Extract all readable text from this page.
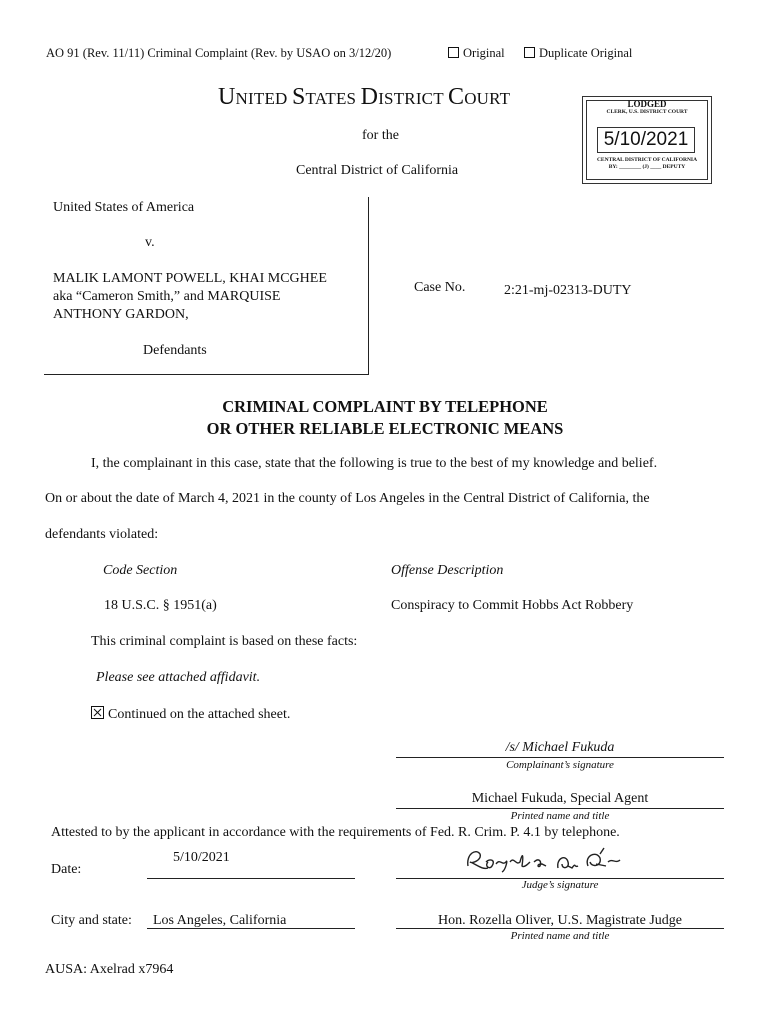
AO 91 (Rev. 11/11) Criminal Complaint (Rev. by USAO on 3/12/20)	Original	Duplicate Original
UNITED STATES DISTRICT COURT
for the
Central District of California
LODGED
CLERK, U.S. DISTRICT COURT
5/10/2021
CENTRAL DISTRICT OF CALIFORNIA
BY: ________ (J) ____ DEPUTY
United States of America
v.
MALIK LAMONT POWELL, KHAI MCGHEE
aka “Cameron Smith,” and MARQUISE
ANTHONY GARDON,
Defendants
Case No.	2:21-mj-02313-DUTY
CRIMINAL COMPLAINT BY TELEPHONE
OR OTHER RELIABLE ELECTRONIC MEANS
I, the complainant in this case, state that the following is true to the best of my knowledge and belief.
On or about the date of March 4, 2021 in the county of Los Angeles in the Central District of California, the
defendants violated:
Code Section	Offense Description
18 U.S.C. § 1951(a)	Conspiracy to Commit Hobbs Act Robbery
This criminal complaint is based on these facts:
Please see attached affidavit.
Continued on the attached sheet.
/s/ Michael Fukuda
Complainant’s signature
Michael Fukuda, Special Agent
Printed name and title
Attested to by the applicant in accordance with the requirements of Fed. R. Crim. P. 4.1 by telephone.
Date:
5/10/2021
Judge’s signature
City and state: Los Angeles, California	Hon. Rozella Oliver, U.S. Magistrate Judge
Printed name and title
AUSA: Axelrad x7964
